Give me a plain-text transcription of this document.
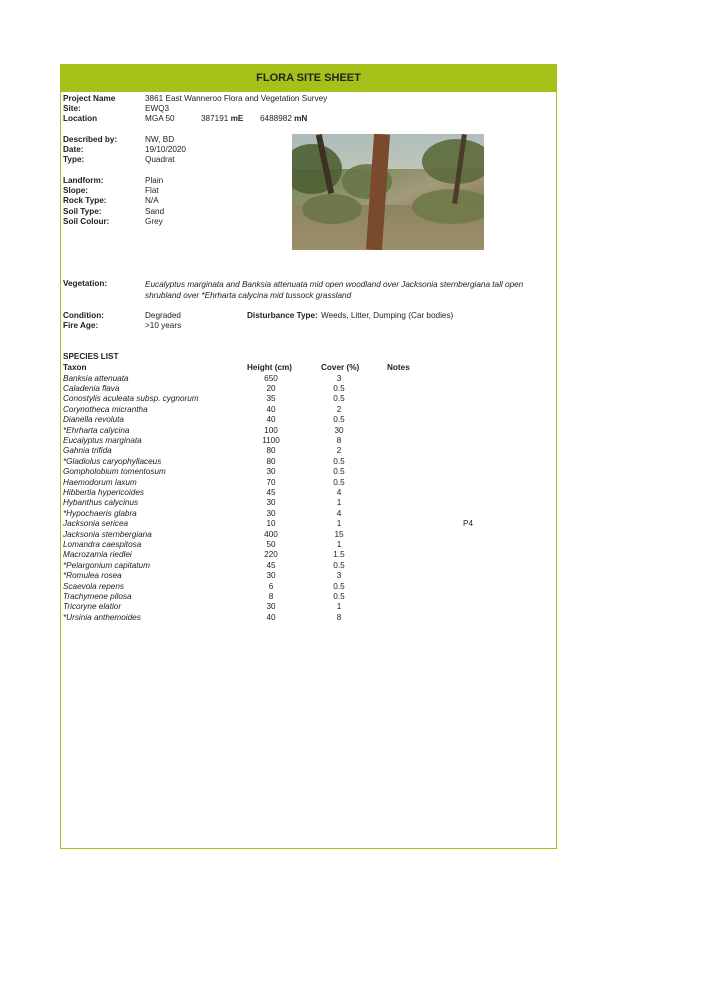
FLORA SITE SHEET
Project Name	3861 East Wanneroo Flora and Vegetation Survey
Site:	EWQ3
Location	MGA 50	387191 mE 6488982 mN
Described by:	NW, BD
Date:	19/10/2020
Type:	Quadrat
Landform:	Plain
Slope:	Flat
Rock Type:	N/A
Soil Type:	Sand
Soil Colour:	Grey
Vegetation:	Eucalyptus marginata and Banksia attenuata mid open woodland over Jacksonia sternbergiana tall open shrubland over *Ehrharta calycina mid tussock grassland
Condition:	Degraded	Disturbance Type: Weeds, Litter, Dumping (Car bodies)
Fire Age:	>10 years
SPECIES LIST
Taxon	Height (cm)	Cover (%)	Notes
Banksia attenuata	650	3
Caladenia flava	20	0.5
Conostylis aculeata subsp. cygnorum	35	0.5
Corynotheca micrantha	40	2
Dianella revoluta	40	0.5
*Ehrharta calycina	100	30
Eucalyptus marginata	1100	8
Gahnia trifida	80	2
*Gladiolus caryophyllaceus	80	0.5
Gompholobium tomentosum	30	0.5
Haemodorum laxum	70	0.5
Hibbertia hypericoides	45	4
Hybanthus calycinus	30	1
*Hypochaeris glabra	30	4
Jacksonia sericea	10	1	P4
Jacksonia sternbergiana	400	15
Lomandra caespitosa	50	1
Macrozamia riedlei	220	1.5
*Pelargonium capitatum	45	0.5
*Romulea rosea	30	3
Scaevola repens	6	0.5
Trachymene pilosa	8	0.5
Tricoryne elatior	30	1
*Ursinia anthemoides	40	8
